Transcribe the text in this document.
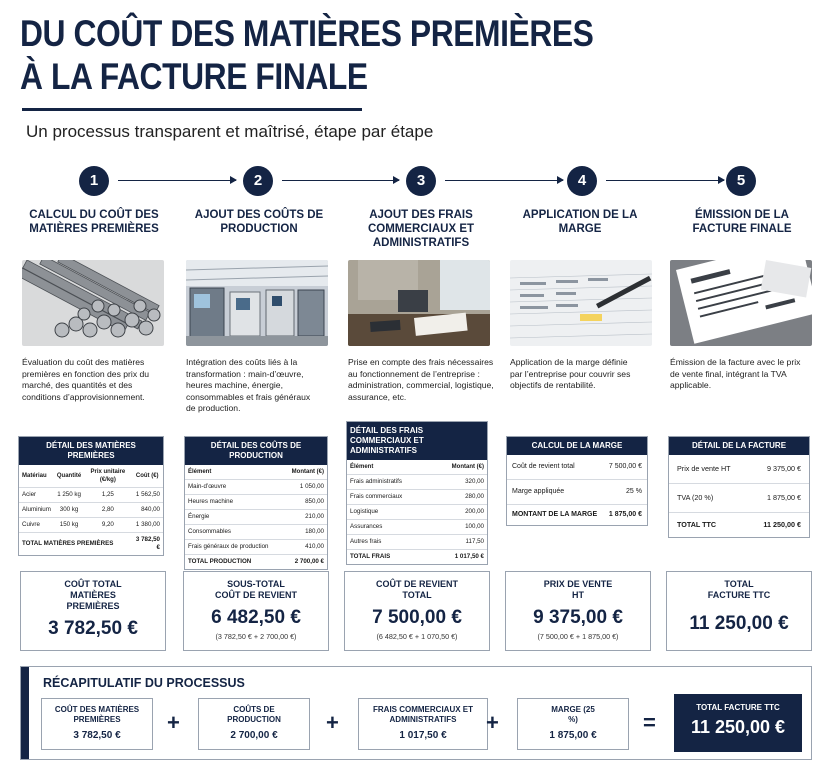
DU COÛT DES MATIÈRES PREMIÈRES
À LA FACTURE FINALE
Un processus transparent et maîtrisé, étape par étape
1	2	3	4	5
CALCUL DU COÛT DES MATIÈRES PREMIÈRES
AJOUT DES COÛTS DE PRODUCTION
AJOUT DES FRAIS COMMERCIAUX ET ADMINISTRATIFS
APPLICATION DE LA MARGE
ÉMISSION DE LA FACTURE FINALE
Évaluation du coût des matières premières en fonction des prix du marché, des quantités et des conditions d’approvisionnement.
Intégration des coûts liés à la transformation : main-d’œuvre, heures machine, énergie, consommables et frais généraux de production.
Prise en compte des frais nécessaires au fonctionnement de l’entreprise : administration, commercial, logistique, assurance, etc.
Application de la marge définie par l’entreprise pour couvrir ses objectifs de rentabilité.
Émission de la facture avec le prix de vente final, intégrant la TVA applicable.
DÉTAIL DES MATIÈRES PREMIÈRES
Matériau	Quantité	Prix unitaire (€/kg)	Coût (€)
Acier	1 250 kg	1,25	1 562,50
Aluminium	300 kg	2,80	840,00
Cuivre	150 kg	9,20	1 380,00
TOTAL MATIÈRES PREMIÈRES			3 782,50 €
DÉTAIL DES COÛTS DE PRODUCTION
Élément	Montant (€)
Main-d’œuvre	1 050,00
Heures machine	850,00
Énergie	210,00
Consommables	180,00
Frais généraux de production	410,00
TOTAL PRODUCTION	2 700,00 €
DÉTAIL DES FRAIS COMMERCIAUX ET ADMINISTRATIFS
Élément	Montant (€)
Frais administratifs	320,00
Frais commerciaux	280,00
Logistique	200,00
Assurances	100,00
Autres frais	117,50
TOTAL FRAIS	1 017,50 €
CALCUL DE LA MARGE
Coût de revient total	7 500,00 €
Marge appliquée	25 %
MONTANT DE LA MARGE	1 875,00 €
DÉTAIL DE LA FACTURE
Prix de vente HT	9 375,00 €
TVA (20 %)	1 875,00 €
TOTAL TTC	11 250,00 €
COÛT TOTAL MATIÈRES PREMIÈRES
3 782,50 €
SOUS-TOTAL COÛT DE REVIENT
6 482,50 €
(3 782,50 € + 2 700,00 €)
COÛT DE REVIENT TOTAL
7 500,00 €
(6 482,50 € + 1 070,50 €)
PRIX DE VENTE HT
9 375,00 €
(7 500,00 € + 1 875,00 €)
TOTAL FACTURE TTC
11 250,00 €
RÉCAPITULATIF DU PROCESSUS
COÛT DES MATIÈRES PREMIÈRES
3 782,50 €
+
COÛTS DE PRODUCTION
2 700,00 €
+
FRAIS COMMERCIAUX ET ADMINISTRATIFS
1 017,50 €
+
MARGE (25 %)
1 875,00 €
=
TOTAL FACTURE TTC
11 250,00 €
